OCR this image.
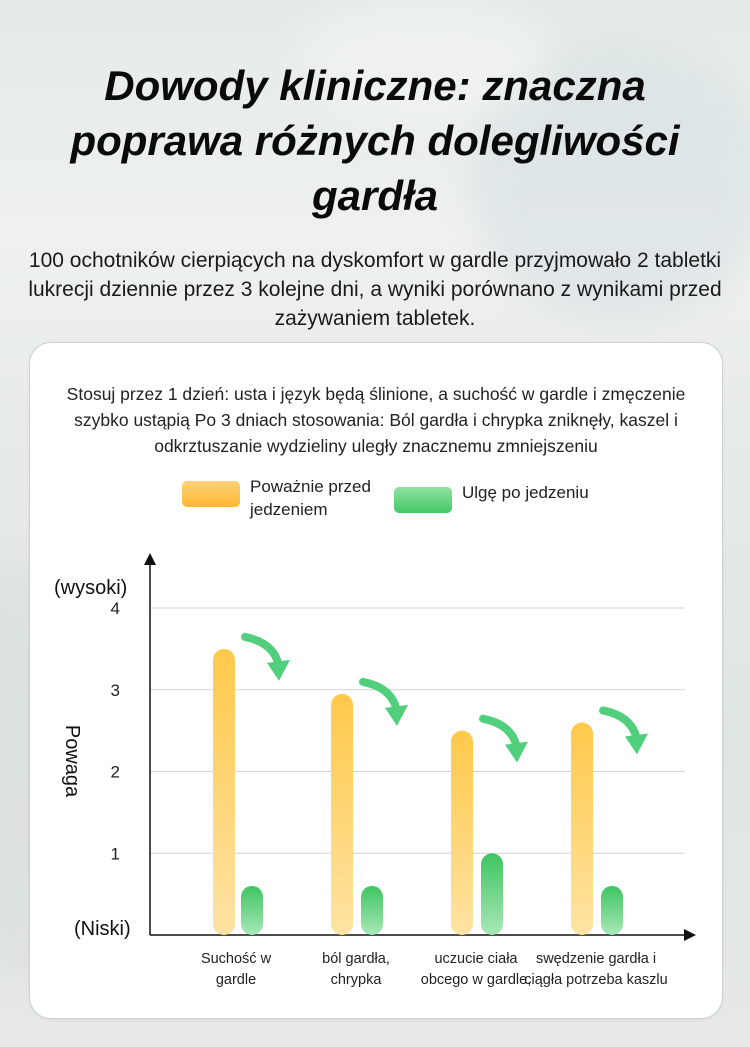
Dowody kliniczne: znaczna poprawa różnych dolegliwości gardła

100 ochotników cierpiących na dyskomfort w gardle przyjmowało 2 tabletki lukrecji dziennie przez 3 kolejne dni, a wyniki porównano z wynikami przed zażywaniem tabletek.

Stosuj przez 1 dzień: usta i język będą ślinione, a suchość w gardle i zmęczenie szybko ustąpią Po 3 dniach stosowania: Ból gardła i chrypka zniknęły, kaszel i odkrztuszanie wydzieliny uległy znacznemu zmniejszeniu

Poważnie przed jedzeniem
Ulgę po jedzeniu
(wysoki)
(Niski)
Powaga
1
2
3
4
Suchość w
gardle
ból gardła,
chrypka
uczucie ciała
obcego w gardle,
swędzenie gardła i
ciągła potrzeba kaszlu
